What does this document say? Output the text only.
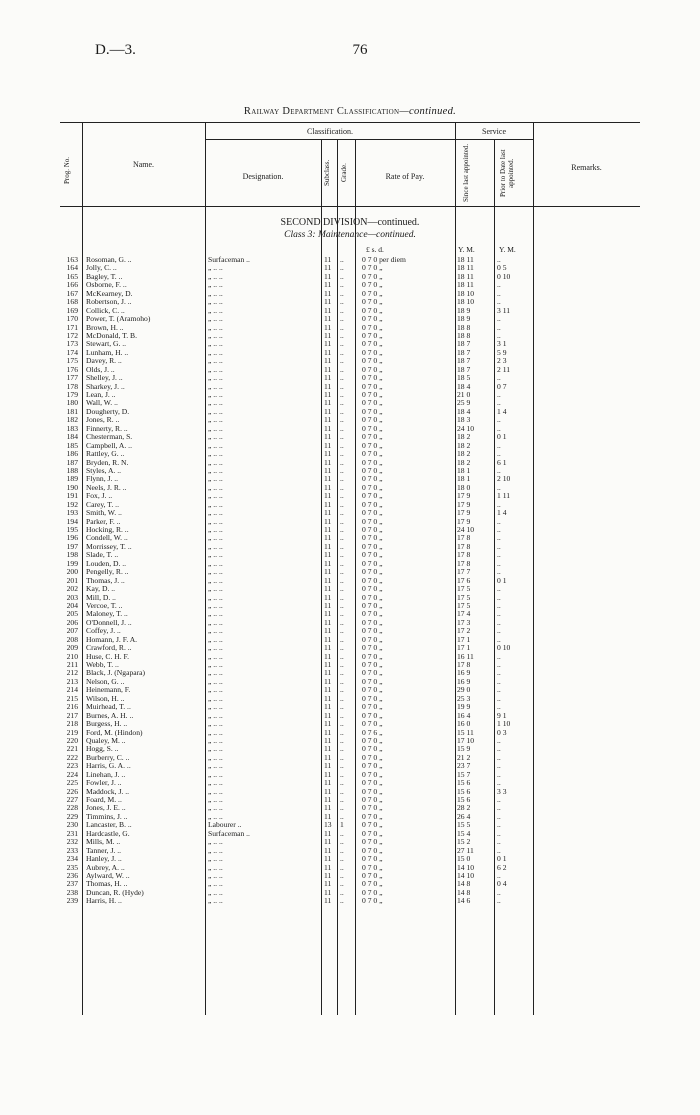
D.—3.	76
Railway Department Classification—continued.
Prog. No.	Name.
Classification.
Designation.	Subclass.	Grade.	Rate of Pay.
Service
Since last appointed.	Prior to Date last appointed.	Remarks.
SECOND DIVISION—continued.
Class 3: Maintenance—continued.
£ s. d.	Y. M.	Y. M.
163 Rosoman, G. ..	Surfaceman ..	11	..	0 7 0 per diem	18 11	..
164 Jolly, C. ..	„ .. ..	11	..	0 7 0 „	18 11	0 5
165 Bagley, T. ..	„ .. ..	11	..	0 7 0 „	18 11	0 10
166 Osborne, F. ..	„ .. ..	11	..	0 7 0 „	18 11	..
167 McKearney, D.	„ .. ..	11	..	0 7 0 „	18 10	..
168 Robertson, J. ..	„ .. ..	11	..	0 7 0 „	18 10	..
169 Collick, C. ..	„ .. ..	11	..	0 7 0 „	18 9	3 11
170 Power, T. (Aramoho)	„ .. ..	11	..	0 7 0 „	18 9	..
171 Brown, H. ..	„ .. ..	11	..	0 7 0 „	18 8	..
172 McDonald, T. B.	„ .. ..	11	..	0 7 0 „	18 8	..
173 Stewart, G. ..	„ .. ..	11	..	0 7 0 „	18 7	3 1
174 Lunham, H. ..	„ .. ..	11	..	0 7 0 „	18 7	5 9
175 Davey, R. ..	„ .. ..	11	..	0 7 0 „	18 7	2 3
176 Olds, J. ..	„ .. ..	11	..	0 7 0 „	18 7	2 11
177 Shelley, J. ..	„ .. ..	11	..	0 7 0 „	18 5	..
178 Sharkey, J. ..	„ .. ..	11	..	0 7 0 „	18 4	0 7
179 Lean, J. ..	„ .. ..	11	..	0 7 0 „	21 0	..
180 Wall, W. ..	„ .. ..	11	..	0 7 0 „	25 9	..
181 Dougherty, D.	„ .. ..	11	..	0 7 0 „	18 4	1 4
182 Jones, R. ..	„ .. ..	11	..	0 7 0 „	18 3	..
183 Finnerty, R. ..	„ .. ..	11	..	0 7 0 „	24 10	..
184 Chesterman, S.	„ .. ..	11	..	0 7 0 „	18 2	0 1
185 Campbell, A. ..	„ .. ..	11	..	0 7 0 „	18 2	..
186 Rattley, G. ..	„ .. ..	11	..	0 7 0 „	18 2	..
187 Bryden, R. N.	„ .. ..	11	..	0 7 0 „	18 2	6 1
188 Styles, A. ..	„ .. ..	11	..	0 7 0 „	18 1	..
189 Flynn, J. ..	„ .. ..	11	..	0 7 0 „	18 1	2 10
190 Neels, J. R. ..	„ .. ..	11	..	0 7 0 „	18 0	..
191 Fox, J. ..	„ .. ..	11	..	0 7 0 „	17 9	1 11
192 Carey, T. ..	„ .. ..	11	..	0 7 0 „	17 9	..
193 Smith, W. ..	„ .. ..	11	..	0 7 0 „	17 9	1 4
194 Parker, F. ..	„ .. ..	11	..	0 7 0 „	17 9	..
195 Hocking, R. ..	„ .. ..	11	..	0 7 0 „	24 10	..
196 Condell, W. ..	„ .. ..	11	..	0 7 0 „	17 8	..
197 Morrissey, T. ..	„ .. ..	11	..	0 7 0 „	17 8	..
198 Slade, T. ..	„ .. ..	11	..	0 7 0 „	17 8	..
199 Louden, D. ..	„ .. ..	11	..	0 7 0 „	17 8	..
200 Pengelly, R. ..	„ .. ..	11	..	0 7 0 „	17 7	..
201 Thomas, J. ..	„ .. ..	11	..	0 7 0 „	17 6	0 1
202 Kay, D. ..	„ .. ..	11	..	0 7 0 „	17 5	..
203 Mill, D. ..	„ .. ..	11	..	0 7 0 „	17 5	..
204 Vercoe, T. ..	„ .. ..	11	..	0 7 0 „	17 5	..
205 Maloney, T. ..	„ .. ..	11	..	0 7 0 „	17 4	..
206 O'Donnell, J. ..	„ .. ..	11	..	0 7 0 „	17 3	..
207 Coffey, J. ..	„ .. ..	11	..	0 7 0 „	17 2	..
208 Homann, J. F. A.	„ .. ..	11	..	0 7 0 „	17 1	..
209 Crawford, R. ..	„ .. ..	11	..	0 7 0 „	17 1	0 10
210 Huse, C. H. F.	„ .. ..	11	..	0 7 0 „	16 11	..
211 Webb, T. ..	„ .. ..	11	..	0 7 0 „	17 8	..
212 Black, J. (Ngapara)	„ .. ..	11	..	0 7 0 „	16 9	..
213 Nelson, G. ..	„ .. ..	11	..	0 7 0 „	16 9	..
214 Heinemann, F.	„ .. ..	11	..	0 7 0 „	29 0	..
215 Wilson, H. ..	„ .. ..	11	..	0 7 0 „	25 3	..
216 Muirhead, T. ..	„ .. ..	11	..	0 7 0 „	19 9	..
217 Burnes, A. H. ..	„ .. ..	11	..	0 7 0 „	16 4	9 1
218 Burgess, H. ..	„ .. ..	11	..	0 7 0 „	16 0	1 10
219 Ford, M. (Hindon)	„ .. ..	11	..	0 7 6 „	15 11	0 3
220 Qualey, M. ..	„ .. ..	11	..	0 7 0 „	17 10	..
221 Hogg, S. ..	„ .. ..	11	..	0 7 0 „	15 9	..
222 Burberry, C. ..	„ .. ..	11	..	0 7 0 „	21 2	..
223 Harris, G. A. ..	„ .. ..	11	..	0 7 0 „	23 7	..
224 Linehan, J. ..	„ .. ..	11	..	0 7 0 „	15 7	..
225 Fowler, J. ..	„ .. ..	11	..	0 7 0 „	15 6	..
226 Maddock, J. ..	„ .. ..	11	..	0 7 0 „	15 6	3 3
227 Foard, M. ..	„ .. ..	11	..	0 7 0 „	15 6	..
228 Jones, J. E. ..	„ .. ..	11	..	0 7 0 „	28 2	..
229 Timmins, J. ..	„ .. ..	11	..	0 7 0 „	26 4	..
230 Lancaster, B. ..	Labourer ..	13	1	0 7 0 „	15 5	..
231 Hardcastle, G.	Surfaceman ..	11	..	0 7 0 „	15 4	..
232 Mills, M. ..	„ .. ..	11	..	0 7 0 „	15 2	..
233 Tanner, J. ..	„ .. ..	11	..	0 7 0 „	27 11	..
234 Hanley, J. ..	„ .. ..	11	..	0 7 0 „	15 0	0 1
235 Aubrey, A. ..	„ .. ..	11	..	0 7 0 „	14 10	6 2
236 Aylward, W. ..	„ .. ..	11	..	0 7 0 „	14 10	..
237 Thomas, H. ..	„ .. ..	11	..	0 7 0 „	14 8	0 4
238 Duncan, R. (Hyde)	„ .. ..	11	..	0 7 0 „	14 8	..
239 Harris, H. ..	„ .. ..	11	..	0 7 0 „	14 6	..
